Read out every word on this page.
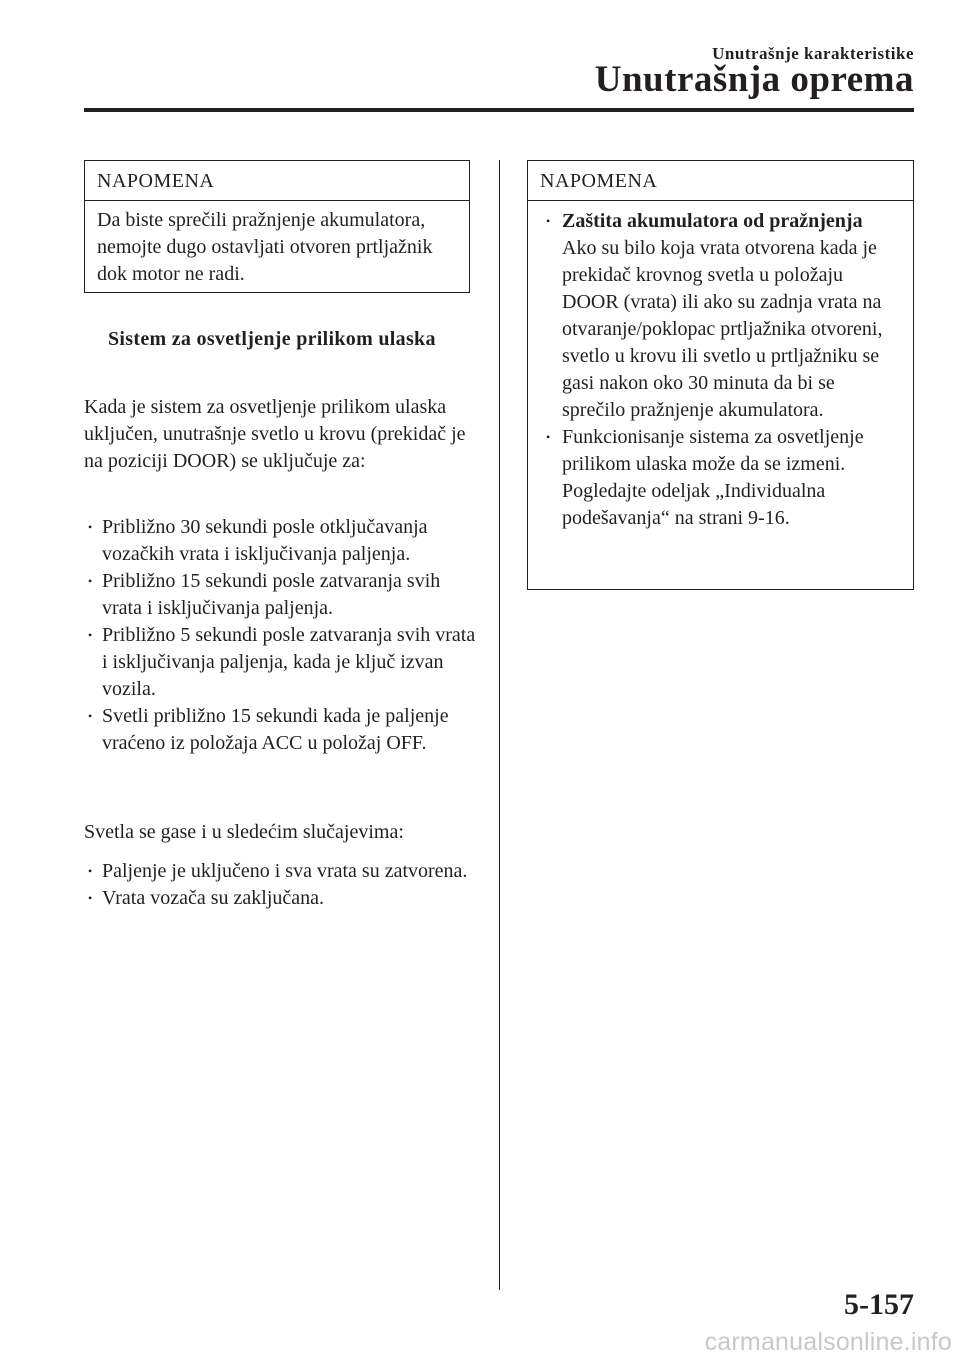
Unutrašnje karakteristike
Unutrašnja oprema
NAPOMENA
Da biste sprečili pražnjenje akumulatora, nemojte dugo ostavljati otvoren prtljažnik dok motor ne radi.
Sistem za osvetljenje prilikom ulaska
Kada je sistem za osvetljenje prilikom ulaska uključen, unutrašnje svetlo u krovu (prekidač je na poziciji DOOR) se uključuje za:
• Približno 30 sekundi posle otključavanja vozačkih vrata i isključivanja paljenja.
• Približno 15 sekundi posle zatvaranja svih vrata i isključivanja paljenja.
• Približno 5 sekundi posle zatvaranja svih vrata i isključivanja paljenja, kada je ključ izvan vozila.
• Svetli približno 15 sekundi kada je paljenje vraćeno iz položaja ACC u položaj OFF.
Svetla se gase i u sledećim slučajevima:
• Paljenje je uključeno i sva vrata su zatvorena.
• Vrata vozača su zaključana.
NAPOMENA
• Zaštita akumulatora od pražnjenja
Ako su bilo koja vrata otvorena kada je prekidač krovnog svetla u položaju DOOR (vrata) ili ako su zadnja vrata na otvaranje/poklopac prtljažnika otvoreni, svetlo u krovu ili svetlo u prtljažniku se gasi nakon oko 30 minuta da bi se sprečilo pražnjenje akumulatora.
• Funkcionisanje sistema za osvetljenje prilikom ulaska može da se izmeni. Pogledajte odeljak „Individualna podešavanja“ na strani 9-16.
5-157
carmanualsonline.info
